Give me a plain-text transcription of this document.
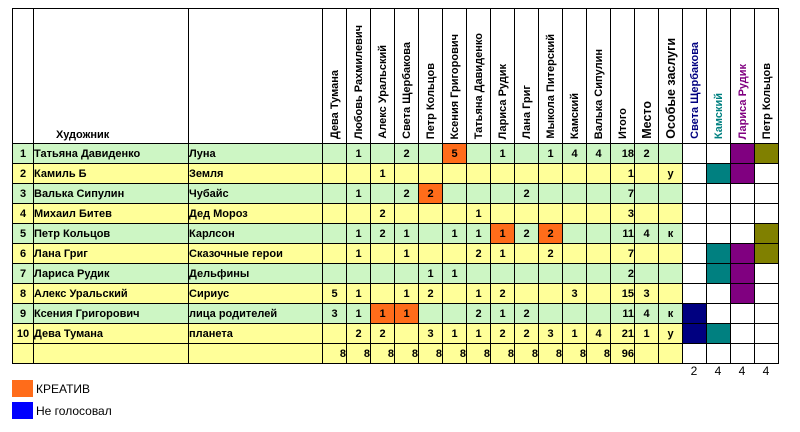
	Художник		Дева Тумана	Любовь Рахмилевич	Алекс Уральский	Света Щербакова	Петр Кольцов	Ксения Григорович	Татьяна Давиденко	Лариса Рудик	Лана Григ	Мыкола Питерский	Камский	Валька Сипулин	Итого	Место	Особые заслуги	Света Щербакова	Камский	Лариса Рудик	Петр Кольцов

1	Татьяна Давиденко	Луна		1		2		5		1		1	4	4	18	2					
2	Камиль Б	Земля			1										1		у				
3	Валька Сипулин	Чубайс		1		2	2				2				7						
4	Михаил Битев	Дед Мороз			2				1						3						
5	Петр Кольцов	Карлсон		1	2	1		1	1	1	2	2			11	4	к				
6	Лана Григ	Сказочные герои		1		1			2	1		2			7						
7	Лариса Рудик	Дельфины					1	1							2						
8	Алекс Уральский	Сириус	5	1		1	2		1	2			3		15	3					
9	Ксения Григорович	лица родителей	3	1	1	1			2	1	2				11	4	к				
10	Дева Тумана	планета		2	2		3	1	1	2	2	3	1	4	21	1	у				
			8	8	8	8	8	8	8	8	8	8	8	8	96						
2	4	4	4
КРЕАТИВ
Не голосовал
